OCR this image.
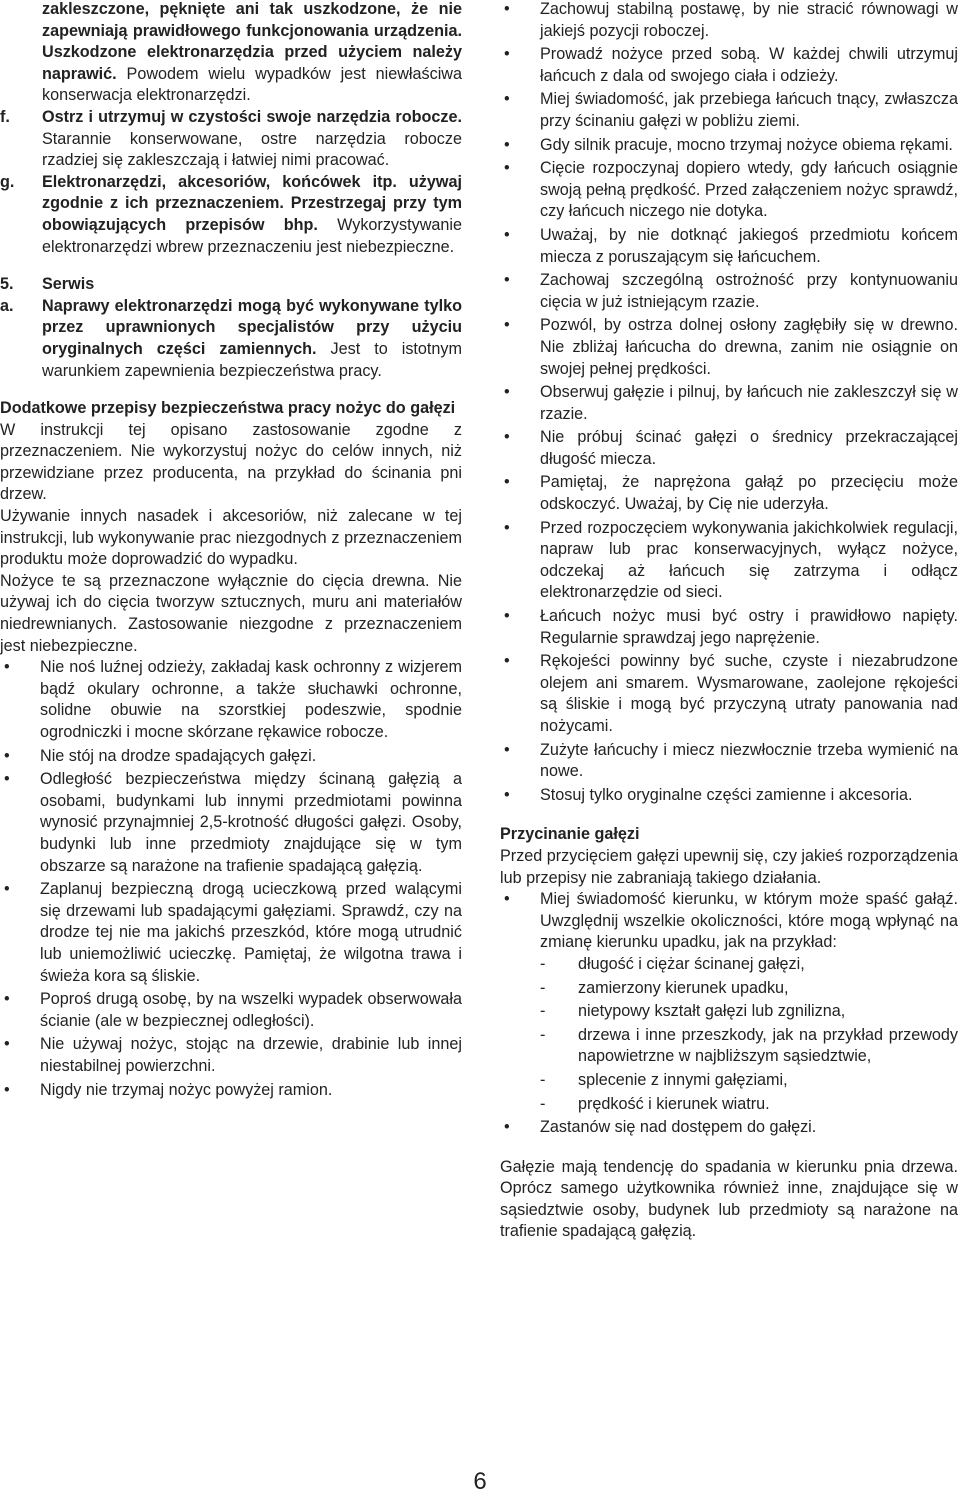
zakleszczone, pęknięte ani tak uszkodzone, że nie zapewniają prawidłowego funkcjonowania urządzenia. Uszkodzone elektronarzędzia przed użyciem należy naprawić. Powodem wielu wypadków jest niewłaściwa konserwacja elektronarzędzi.
f. Ostrz i utrzymuj w czystości swoje narzędzia robocze. Starannie konserwowane, ostre narzędzia robocze rzadziej się zakleszczają i łatwiej nimi pracować.
g. Elektronarzędzi, akcesoriów, końcówek itp. używaj zgodnie z ich przeznaczeniem. Przestrzegaj przy tym obowiązujących przepisów bhp. Wykorzystywanie elektronarzędzi wbrew przeznaczeniu jest niebezpieczne.
5. Serwis
a. Naprawy elektronarzędzi mogą być wykonywane tylko przez uprawnionych specjalistów przy użyciu oryginalnych części zamiennych. Jest to istotnym warunkiem zapewnienia bezpieczeństwa pracy.

Dodatkowe przepisy bezpieczeństwa pracy nożyc do gałęzi

W instrukcji tej opisano zastosowanie zgodne z przeznaczeniem. Nie wykorzystuj nożyc do celów innych, niż przewidziane przez producenta, na przykład do ścinania pni drzew.

Używanie innych nasadek i akcesoriów, niż zalecane w tej instrukcji, lub wykonywanie prac niezgodnych z przeznaczeniem produktu może doprowadzić do wypadku.

Nożyce te są przeznaczone wyłącznie do cięcia drewna. Nie używaj ich do cięcia tworzyw sztucznych, muru ani materiałów niedrewnianych. Zastosowanie niezgodne z przeznaczeniem jest niebezpieczne.

• Nie noś luźnej odzieży, zakładaj kask ochronny z wizjerem bądź okulary ochronne, a także słuchawki ochronne, solidne obuwie na szorstkiej podeszwie, spodnie ogrodniczki i mocne skórzane rękawice robocze.
• Nie stój na drodze spadających gałęzi.
• Odległość bezpieczeństwa między ścinaną gałęzią a osobami, budynkami lub innymi przedmiotami powinna wynosić przynajmniej 2,5-krotność długości gałęzi. Osoby, budynki lub inne przedmioty znajdujące się w tym obszarze są narażone na trafienie spadającą gałęzią.
• Zaplanuj bezpieczną drogą ucieczkową przed walącymi się drzewami lub spadającymi gałęziami. Sprawdź, czy na drodze tej nie ma jakichś przeszkód, które mogą utrudnić lub uniemożliwić ucieczkę. Pamiętaj, że wilgotna trawa i świeża kora są śliskie.
• Poproś drugą osobę, by na wszelki wypadek obserwowała ścianie (ale w bezpiecznej odległości).
• Nie używaj nożyc, stojąc na drzewie, drabinie lub innej niestabilnej powierzchni.
• Nigdy nie trzymaj nożyc powyżej ramion.
• Zachowuj stabilną postawę, by nie stracić równowagi w jakiejś pozycji roboczej.
• Prowadź nożyce przed sobą. W każdej chwili utrzymuj łańcuch z dala od swojego ciała i odzieży.
• Miej świadomość, jak przebiega łańcuch tnący, zwłaszcza przy ścinaniu gałęzi w pobliżu ziemi.
• Gdy silnik pracuje, mocno trzymaj nożyce obiema rękami.
• Cięcie rozpoczynaj dopiero wtedy, gdy łańcuch osiągnie swoją pełną prędkość. Przed załączeniem nożyc sprawdź, czy łańcuch niczego nie dotyka.
• Uważaj, by nie dotknąć jakiegoś przedmiotu końcem miecza z poruszającym się łańcuchem.
• Zachowaj szczególną ostrożność przy kontynuowaniu cięcia w już istniejącym rzazie.
• Pozwól, by ostrza dolnej osłony zagłębiły się w drewno. Nie zbliżaj łańcucha do drewna, zanim nie osiągnie on swojej pełnej prędkości.
• Obserwuj gałęzie i pilnuj, by łańcuch nie zakleszczył się w rzazie.
• Nie próbuj ścinać gałęzi o średnicy przekraczającej długość miecza.
• Pamiętaj, że naprężona gałąź po przecięciu może odskoczyć. Uważaj, by Cię nie uderzyła.
• Przed rozpoczęciem wykonywania jakichkolwiek regulacji, napraw lub prac konserwacyjnych, wyłącz nożyce, odczekaj aż łańcuch się zatrzyma i odłącz elektronarzędzie od sieci.
• Łańcuch nożyc musi być ostry i prawidłowo napięty. Regularnie sprawdzaj jego naprężenie.
• Rękojeści powinny być suche, czyste i niezabrudzone olejem ani smarem. Wysmarowane, zaolejone rękojeści są śliskie i mogą być przyczyną utraty panowania nad nożycami.
• Zużyte łańcuchy i miecz niezwłocznie trzeba wymienić na nowe.
• Stosuj tylko oryginalne części zamienne i akcesoria.

Przycinanie gałęzi

Przed przycięciem gałęzi upewnij się, czy jakieś rozporządzenia lub przepisy nie zabraniają takiego działania.

• Miej świadomość kierunku, w którym może spaść gałąź. Uwzględnij wszelkie okoliczności, które mogą wpłynąć na zmianę kierunku upadku, jak na przykład:
- długość i ciężar ścinanej gałęzi,
- zamierzony kierunek upadku,
- nietypowy kształt gałęzi lub zgnilizna,
- drzewa i inne przeszkody, jak na przykład przewody napowietrzne w najbliższym sąsiedztwie,
- splecenie z innymi gałęziami,
- prędkość i kierunek wiatru.
• Zastanów się nad dostępem do gałęzi.

Gałęzie mają tendencję do spadania w kierunku pnia drzewa. Oprócz samego użytkownika również inne, znajdujące się w sąsiedztwie osoby, budynek lub przedmioty są narażone na trafienie spadającą gałęzią.

6
